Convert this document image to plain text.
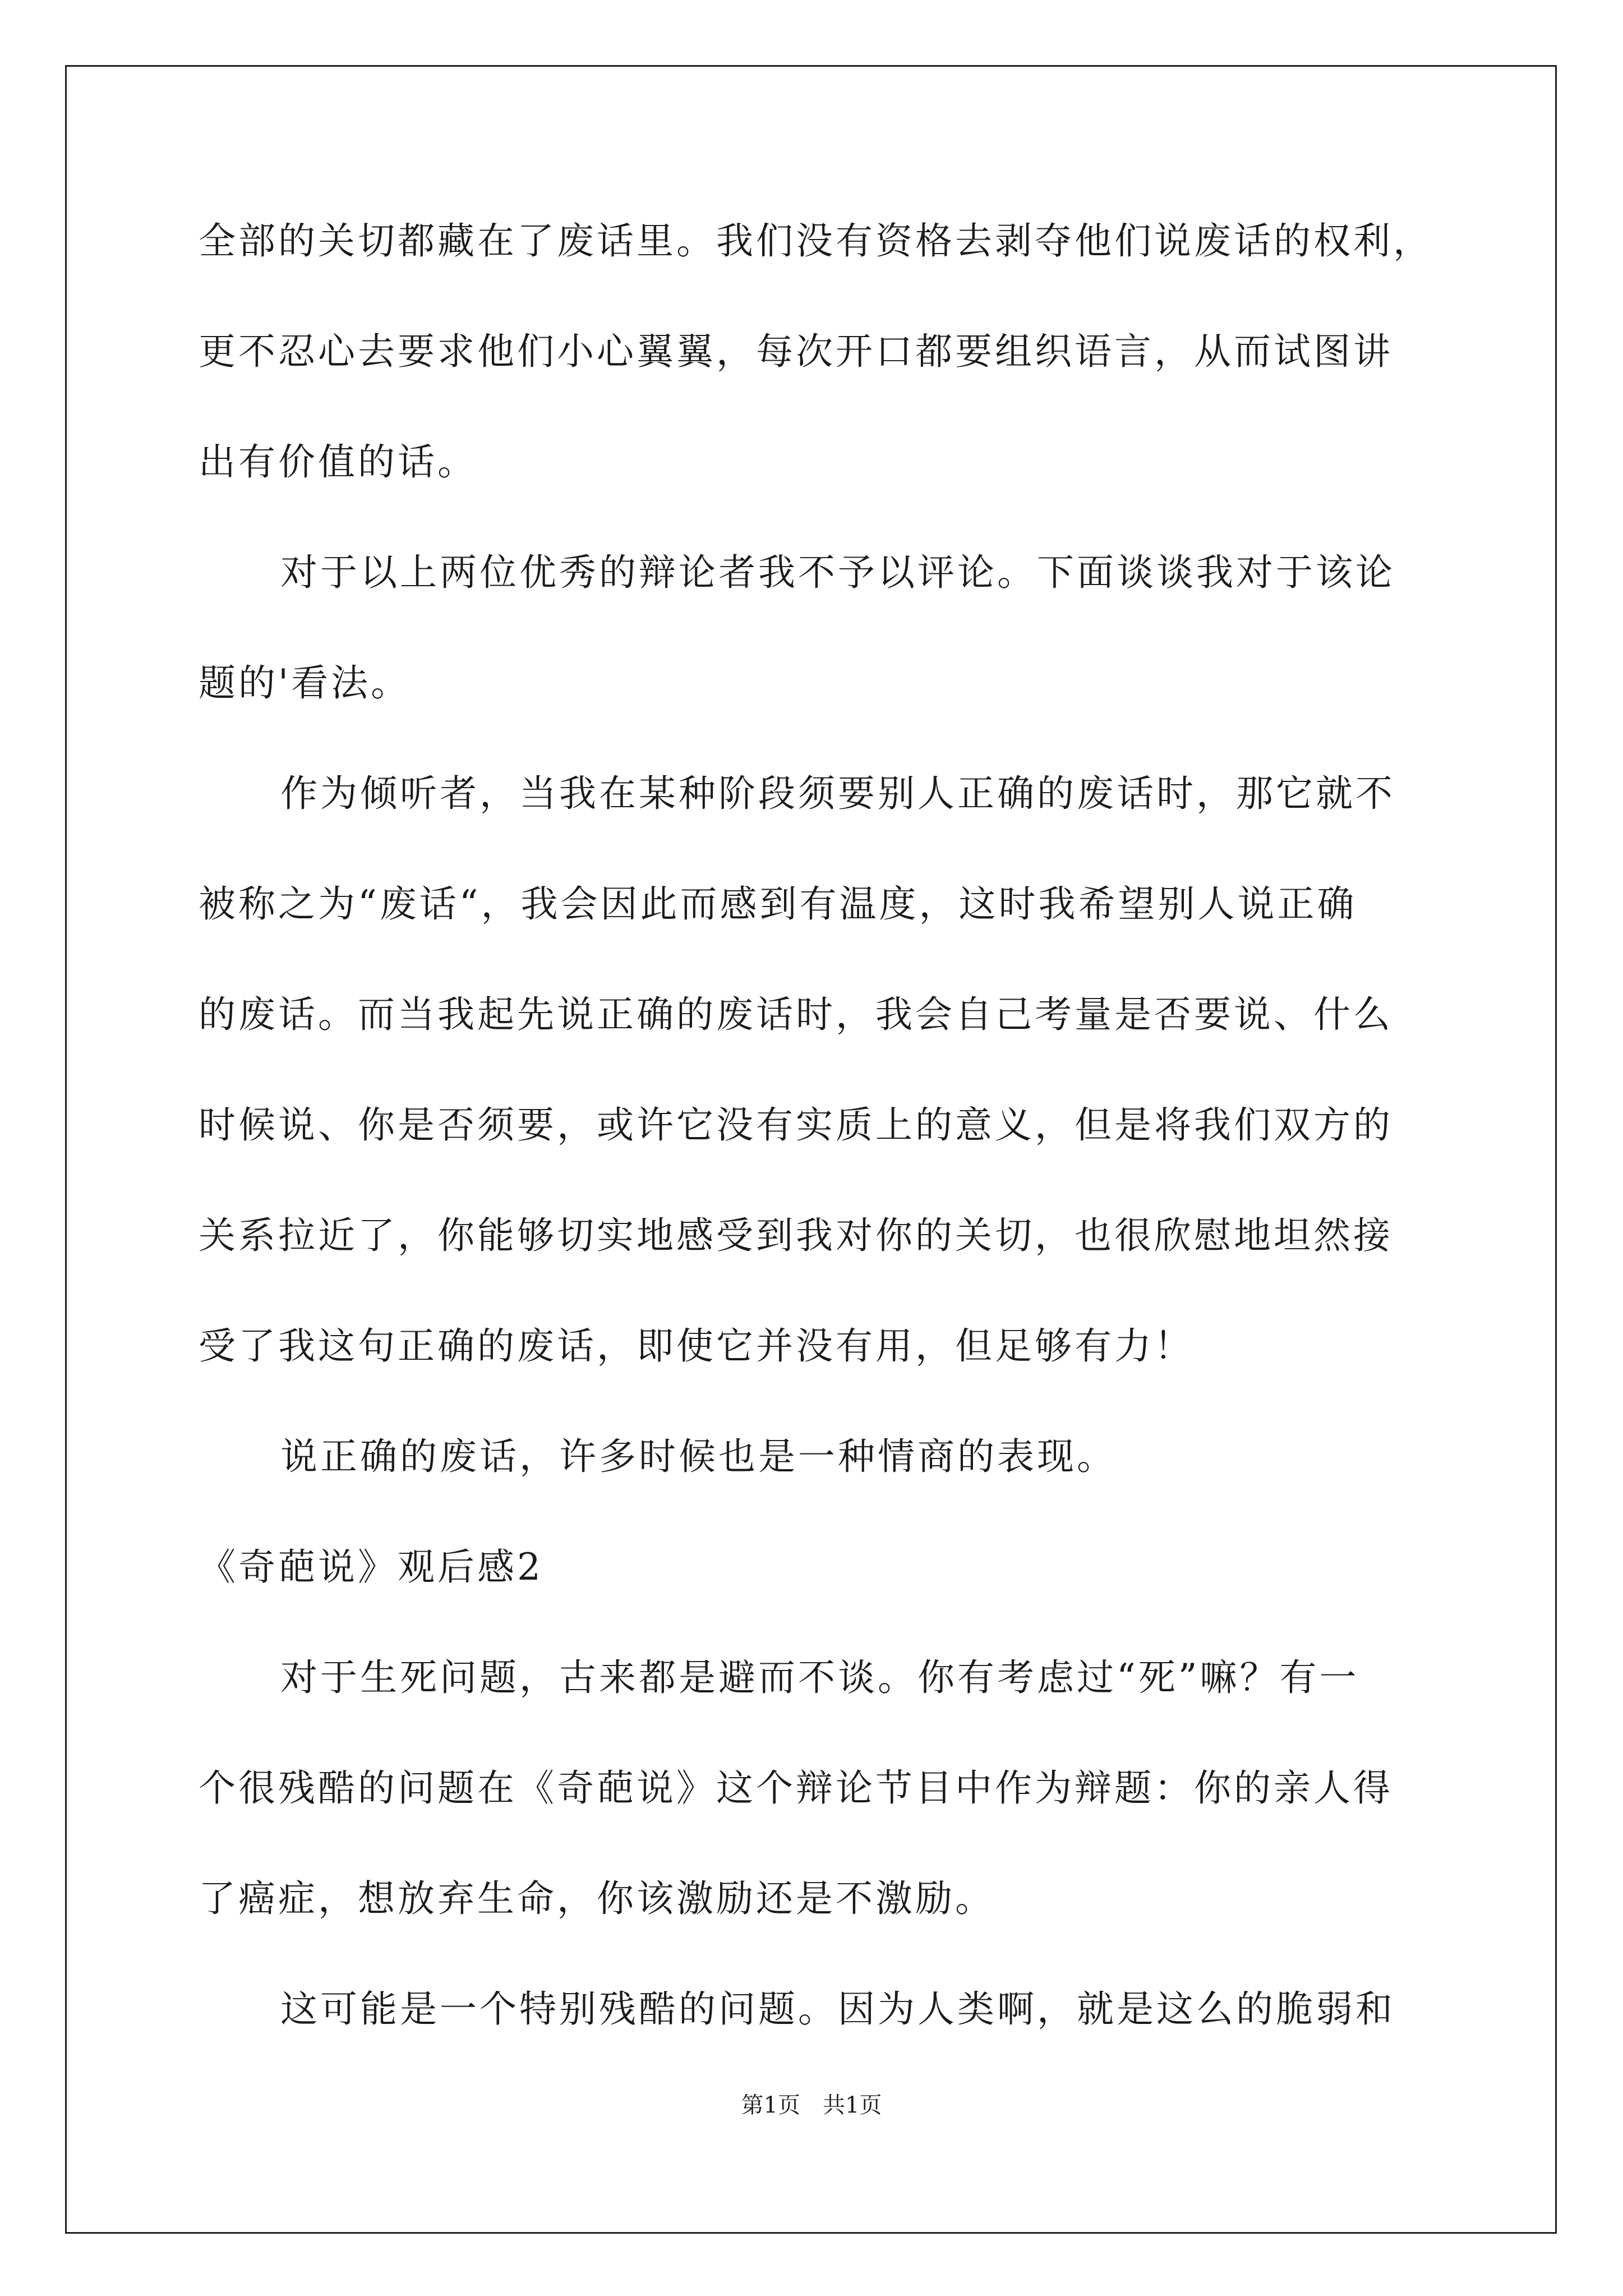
全部的关切都藏在了废话里。我们没有资格去剥夺他们说废话的权利，
更不忍心去要求他们小心翼翼，每次开口都要组织语言，从而试图讲
出有价值的话。
对于以上两位优秀的辩论者我不予以评论。下面谈谈我对于该论
题的'看法。
作为倾听者，当我在某种阶段须要别人正确的废话时，那它就不
被称之为“废话“，我会因此而感到有温度，这时我希望别人说正确
的废话。而当我起先说正确的废话时，我会自己考量是否要说、什么
时候说、你是否须要，或许它没有实质上的意义，但是将我们双方的
关系拉近了，你能够切实地感受到我对你的关切，也很欣慰地坦然接
受了我这句正确的废话，即使它并没有用，但足够有力！
说正确的废话，许多时候也是一种情商的表现。
《奇葩说》观后感2
对于生死问题，古来都是避而不谈。你有考虑过“死”嘛？有一
个很残酷的问题在《奇葩说》这个辩论节目中作为辩题：你的亲人得
了癌症，想放弃生命，你该激励还是不激励。
这可能是一个特别残酷的问题。因为人类啊，就是这么的脆弱和
第1页　共1页
